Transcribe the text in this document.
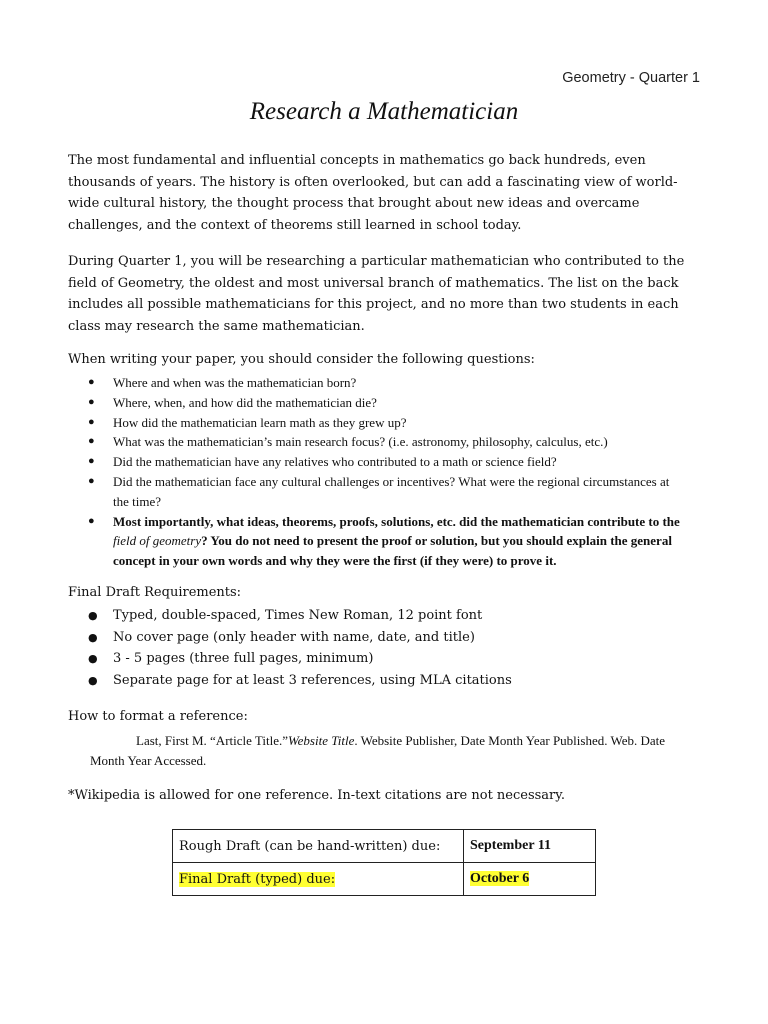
Geometry - Quarter 1
Research a Mathematician

The most fundamental and influential concepts in mathematics go back hundreds, even thousands of years. The history is often overlooked, but can add a fascinating view of world-wide cultural history, the thought process that brought about new ideas and overcame challenges, and the context of theorems still learned in school today.

During Quarter 1, you will be researching a particular mathematician who contributed to the field of Geometry, the oldest and most universal branch of mathematics. The list on the back includes all possible mathematicians for this project, and no more than two students in each class may research the same mathematician.

When writing your paper, you should consider the following questions:

● Where and when was the mathematician born?
● Where, when, and how did the mathematician die?
● How did the mathematician learn math as they grew up?
● What was the mathematician’s main research focus? (i.e. astronomy, philosophy, calculus, etc.)
● Did the mathematician have any relatives who contributed to a math or science field?
● Did the mathematician face any cultural challenges or incentives? What were the regional circumstances at the time?
● Most importantly, what ideas, theorems, proofs, solutions, etc. did the mathematician contribute to the field of geometry? You do not need to present the proof or solution, but you should explain the general concept in your own words and why they were the first (if they were) to prove it.

Final Draft Requirements:

● Typed, double-spaced, Times New Roman, 12 point font
● No cover page (only header with name, date, and title)
● 3 - 5 pages (three full pages, minimum)
● Separate page for at least 3 references, using MLA citations

How to format a reference:

Last, First M. “Article Title.”Website Title. Website Publisher, Date Month Year Published. Web. Date Month Year Accessed.

*Wikipedia is allowed for one reference. In-text citations are not necessary.

Rough Draft (can be hand-written) due:	September 11
Final Draft (typed) due:	October 6
